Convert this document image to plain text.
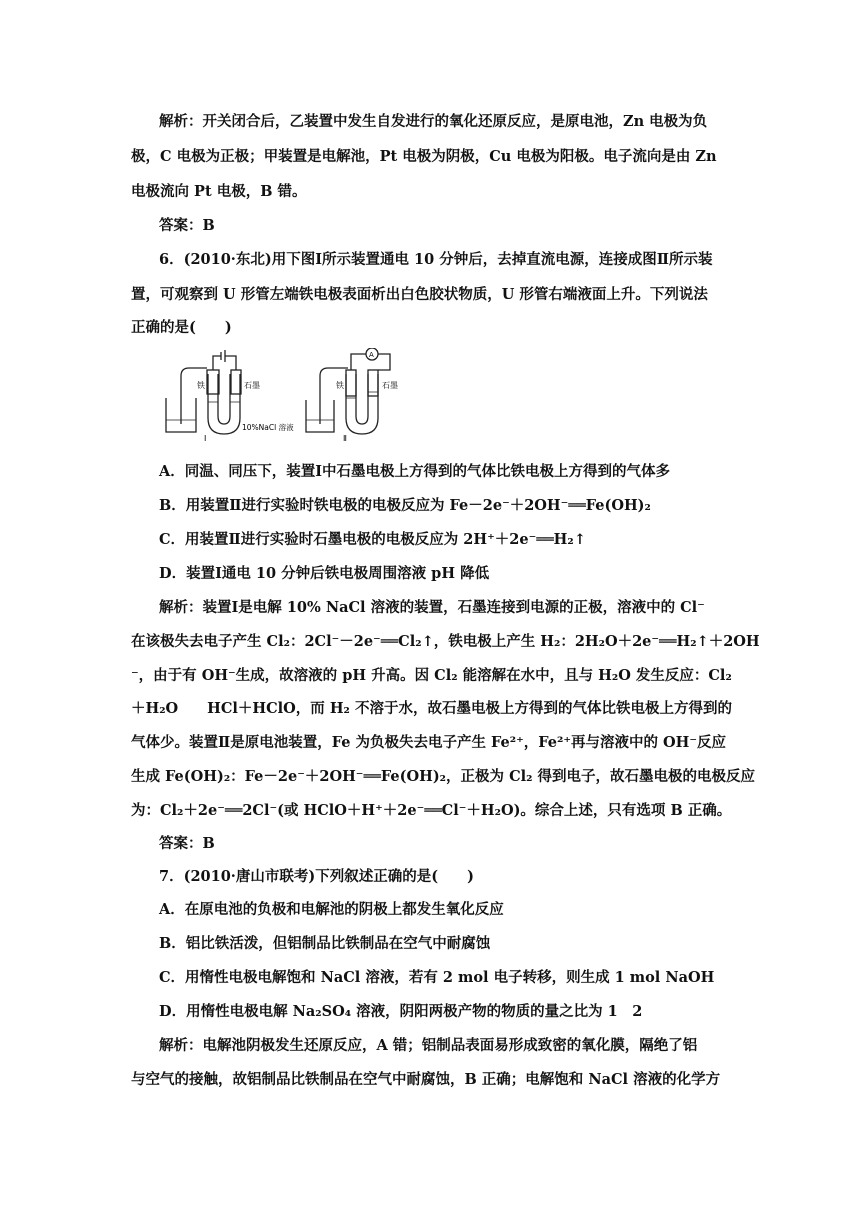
解析：开关闭合后，乙装置中发生自发进行的氧化还原反应，是原电池，Zn 电极为负
极，C 电极为正极；甲装置是电解池，Pt 电极为阴极，Cu 电极为阳极。电子流向是由 Zn
电极流向 Pt 电极，B 错。
答案：B
6．(2010·东北)用下图Ⅰ所示装置通电 10 分钟后，去掉直流电源，连接成图Ⅱ所示装
置，可观察到 U 形管左端铁电极表面析出白色胶状物质，U 形管右端液面上升。下列说法
正确的是(　　)
铁	石墨
10%NaCl 溶液
Ⅰ
铁	石墨
Ⅱ
A
A．同温、同压下，装置Ⅰ中石墨电极上方得到的气体比铁电极上方得到的气体多
B．用装置Ⅱ进行实验时铁电极的电极反应为 Fe－2e⁻＋2OH⁻══Fe(OH)₂
C．用装置Ⅱ进行实验时石墨电极的电极反应为 2H⁺＋2e⁻══H₂↑
D．装置Ⅰ通电 10 分钟后铁电极周围溶液 pH 降低
解析：装置Ⅰ是电解 10% NaCl 溶液的装置，石墨连接到电源的正极，溶液中的 Cl⁻
在该极失去电子产生 Cl₂：2Cl⁻－2e⁻══Cl₂↑，铁电极上产生 H₂：2H₂O＋2e⁻══H₂↑＋2OH
⁻，由于有 OH⁻生成，故溶液的 pH 升高。因 Cl₂ 能溶解在水中，且与 H₂O 发生反应：Cl₂
＋H₂O　　HCl＋HClO，而 H₂ 不溶于水，故石墨电极上方得到的气体比铁电极上方得到的
气体少。装置Ⅱ是原电池装置，Fe 为负极失去电子产生 Fe²⁺，Fe²⁺再与溶液中的 OH⁻反应
生成 Fe(OH)₂：Fe－2e⁻＋2OH⁻══Fe(OH)₂，正极为 Cl₂ 得到电子，故石墨电极的电极反应
为：Cl₂＋2e⁻══2Cl⁻(或 HClO＋H⁺＋2e⁻══Cl⁻＋H₂O)。综合上述，只有选项 B 正确。
答案：B
7．(2010·唐山市联考)下列叙述正确的是(　　)
A．在原电池的负极和电解池的阴极上都发生氧化反应
B．铝比铁活泼，但铝制品比铁制品在空气中耐腐蚀
C．用惰性电极电解饱和 NaCl 溶液，若有 2 mol 电子转移，则生成 1 mol NaOH
D．用惰性电极电解 Na₂SO₄ 溶液，阴阳两极产物的物质的量之比为 1　2
解析：电解池阴极发生还原反应，A 错；铝制品表面易形成致密的氧化膜，隔绝了铝
与空气的接触，故铝制品比铁制品在空气中耐腐蚀，B 正确；电解饱和 NaCl 溶液的化学方
